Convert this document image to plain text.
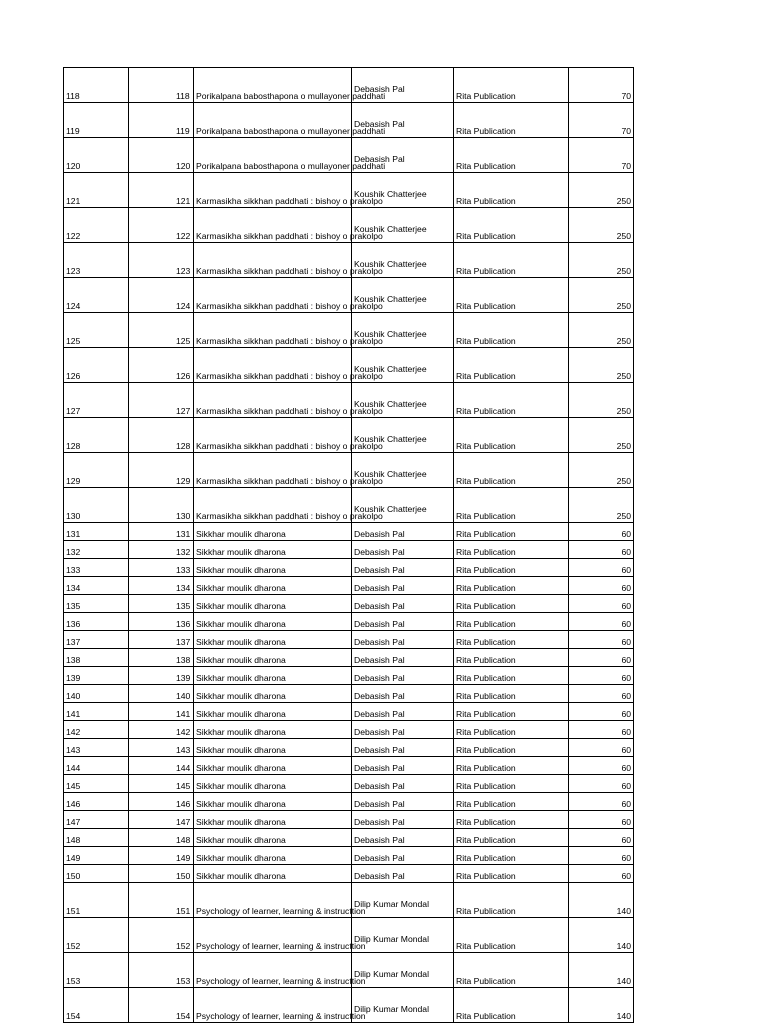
118	118	Porikalpana babosthapona o mullayoner paddhati	Debasish Pal	Rita Publication	70
119	119	Porikalpana babosthapona o mullayoner paddhati	Debasish Pal	Rita Publication	70
120	120	Porikalpana babosthapona o mullayoner paddhati	Debasish Pal	Rita Publication	70
121	121	Karmasikha sikkhan paddhati : bishoy o prakolpo	Koushik Chatterjee	Rita Publication	250
122	122	Karmasikha sikkhan paddhati : bishoy o prakolpo	Koushik Chatterjee	Rita Publication	250
123	123	Karmasikha sikkhan paddhati : bishoy o prakolpo	Koushik Chatterjee	Rita Publication	250
124	124	Karmasikha sikkhan paddhati : bishoy o prakolpo	Koushik Chatterjee	Rita Publication	250
125	125	Karmasikha sikkhan paddhati : bishoy o prakolpo	Koushik Chatterjee	Rita Publication	250
126	126	Karmasikha sikkhan paddhati : bishoy o prakolpo	Koushik Chatterjee	Rita Publication	250
127	127	Karmasikha sikkhan paddhati : bishoy o prakolpo	Koushik Chatterjee	Rita Publication	250
128	128	Karmasikha sikkhan paddhati : bishoy o prakolpo	Koushik Chatterjee	Rita Publication	250
129	129	Karmasikha sikkhan paddhati : bishoy o prakolpo	Koushik Chatterjee	Rita Publication	250
130	130	Karmasikha sikkhan paddhati : bishoy o prakolpo	Koushik Chatterjee	Rita Publication	250
131	131	Sikkhar moulik dharona	Debasish Pal	Rita Publication	60
132	132	Sikkhar moulik dharona	Debasish Pal	Rita Publication	60
133	133	Sikkhar moulik dharona	Debasish Pal	Rita Publication	60
134	134	Sikkhar moulik dharona	Debasish Pal	Rita Publication	60
135	135	Sikkhar moulik dharona	Debasish Pal	Rita Publication	60
136	136	Sikkhar moulik dharona	Debasish Pal	Rita Publication	60
137	137	Sikkhar moulik dharona	Debasish Pal	Rita Publication	60
138	138	Sikkhar moulik dharona	Debasish Pal	Rita Publication	60
139	139	Sikkhar moulik dharona	Debasish Pal	Rita Publication	60
140	140	Sikkhar moulik dharona	Debasish Pal	Rita Publication	60
141	141	Sikkhar moulik dharona	Debasish Pal	Rita Publication	60
142	142	Sikkhar moulik dharona	Debasish Pal	Rita Publication	60
143	143	Sikkhar moulik dharona	Debasish Pal	Rita Publication	60
144	144	Sikkhar moulik dharona	Debasish Pal	Rita Publication	60
145	145	Sikkhar moulik dharona	Debasish Pal	Rita Publication	60
146	146	Sikkhar moulik dharona	Debasish Pal	Rita Publication	60
147	147	Sikkhar moulik dharona	Debasish Pal	Rita Publication	60
148	148	Sikkhar moulik dharona	Debasish Pal	Rita Publication	60
149	149	Sikkhar moulik dharona	Debasish Pal	Rita Publication	60
150	150	Sikkhar moulik dharona	Debasish Pal	Rita Publication	60
151	151	Psychology of learner, learning & instructtion	Dilip Kumar Mondal	Rita Publication	140
152	152	Psychology of learner, learning & instructtion	Dilip Kumar Mondal	Rita Publication	140
153	153	Psychology of learner, learning & instructtion	Dilip Kumar Mondal	Rita Publication	140
154	154	Psychology of learner, learning & instructtion	Dilip Kumar Mondal	Rita Publication	140
